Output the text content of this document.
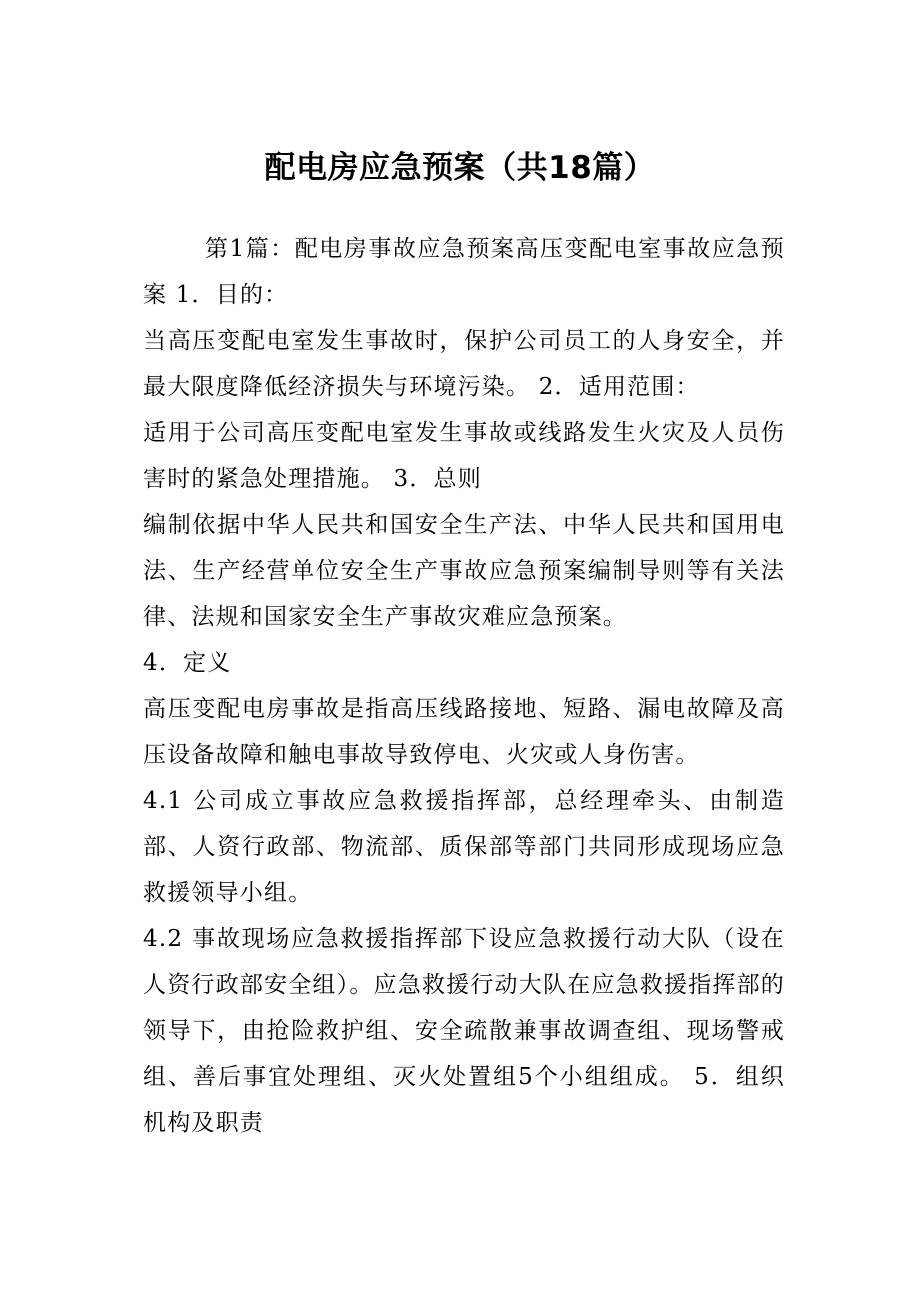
配电房应急预案（共18篇）

第1篇：配电房事故应急预案高压变配电室事故应急预案 1．目的：

当高压变配电室发生事故时，保护公司员工的人身安全，并最大限度降低经济损失与环境污染。 2．适用范围：

适用于公司高压变配电室发生事故或线路发生火灾及人员伤害时的紧急处理措施。 3．总则

编制依据中华人民共和国安全生产法、中华人民共和国用电法、生产经营单位安全生产事故应急预案编制导则等有关法律、法规和国家安全生产事故灾难应急预案。

4．定义

高压变配电房事故是指高压线路接地、短路、漏电故障及高压设备故障和触电事故导致停电、火灾或人身伤害。

4.1 公司成立事故应急救援指挥部，总经理牵头、由制造部、人资行政部、物流部、质保部等部门共同形成现场应急救援领导小组。

4.2 事故现场应急救援指挥部下设应急救援行动大队（设在人资行政部安全组）。应急救援行动大队在应急救援指挥部的领导下，由抢险救护组、安全疏散兼事故调查组、现场警戒组、善后事宜处理组、灭火处置组5个小组组成。 5．组织机构及职责
